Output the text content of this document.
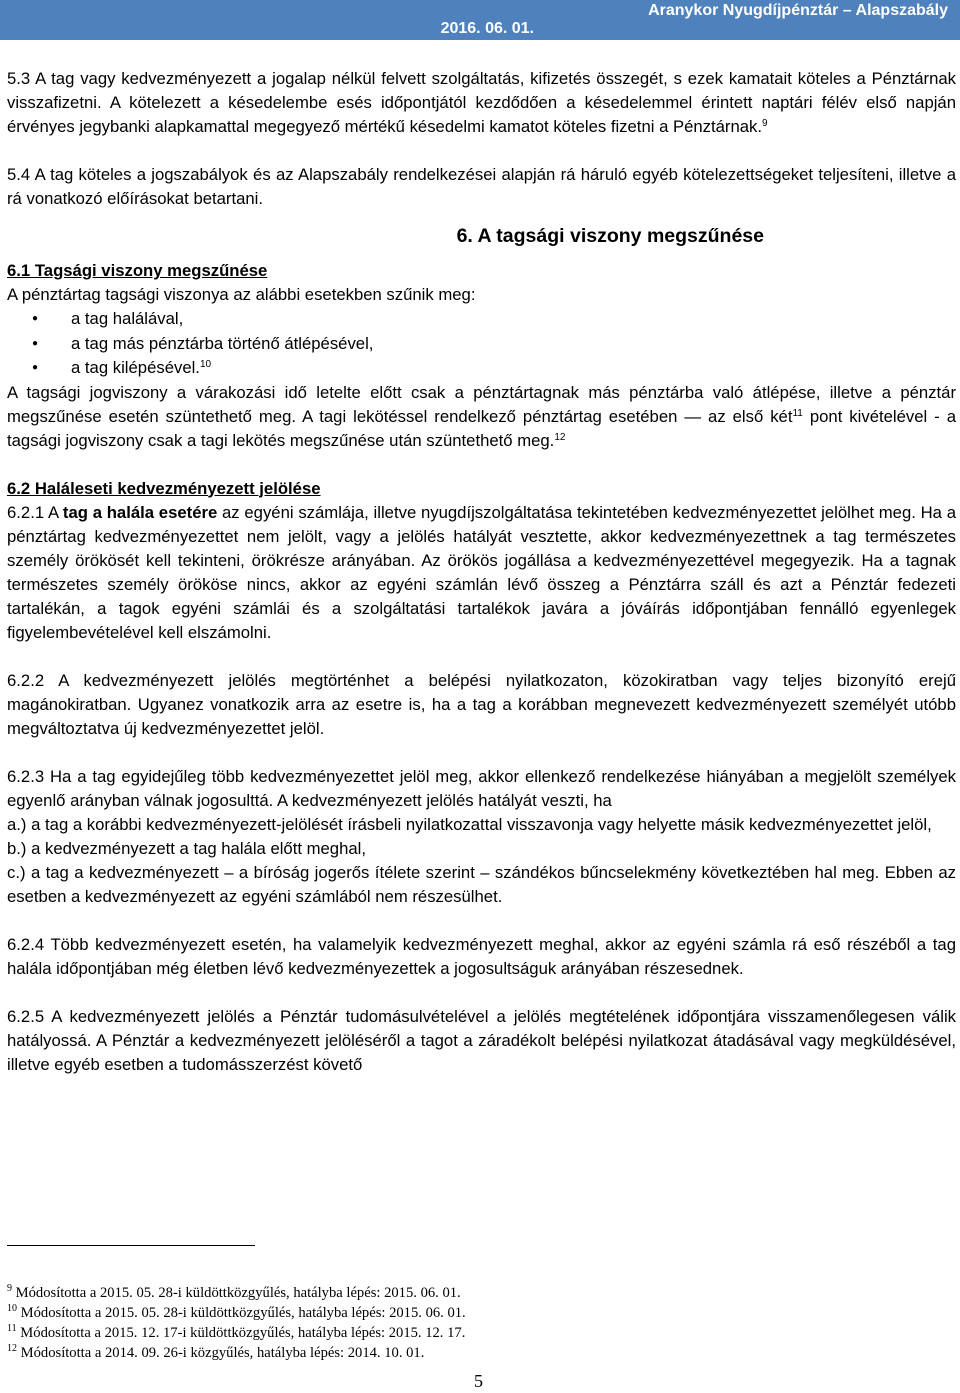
Aranykor Nyugdíjpénztár – Alapszabály
2016. 06. 01.

5.3 A tag vagy kedvezményezett a jogalap nélkül felvett szolgáltatás, kifizetés összegét, s ezek kamatait köteles a Pénztárnak visszafizetni. A kötelezett a késedelembe esés időpontjától kezdődően a késedelemmel érintett naptári félév első napján érvényes jegybanki alapkamattal megegyező mértékű késedelmi kamatot köteles fizetni a Pénztárnak.$^9$

5.4 A tag köteles a jogszabályok és az Alapszabály rendelkezései alapján rá háruló egyéb kötelezettségeket teljesíteni, illetve a rá vonatkozó előírásokat betartani.

6. A tagsági viszony megszűnése
6.1 Tagsági viszony megszűnése

A pénztártag tagsági viszonya az alábbi esetekben szűnik meg:

● a tag halálával,
● a tag más pénztárba történő átlépésével,
● a tag kilépésével.$^{10}$

A tagsági jogviszony a várakozási idő letelte előtt csak a pénztártagnak más pénztárba való átlépése, illetve a pénztár megszűnése esetén szüntethető meg. A tagi lekötéssel rendelkező pénztártag esetében — az első két$^{11}$ pont kivételével - a tagsági jogviszony csak a tagi lekötés megszűnése után szüntethető meg.$^{12}$

6.2 Haláleseti kedvezményezett jelölése

6.2.1 A tag a halála esetére az egyéni számlája, illetve nyugdíjszolgáltatása tekintetében kedvezményezettet jelölhet meg. Ha a pénztártag kedvezményezettet nem jelölt, vagy a jelölés hatályát vesztette, akkor kedvezményezettnek a tag természetes személy örökösét kell tekinteni, örökrésze arányában. Az örökös jogállása a kedvezményezettével megegyezik. Ha a tagnak természetes személy örököse nincs, akkor az egyéni számlán lévő összeg a Pénztárra száll és azt a Pénztár fedezeti tartalékán, a tagok egyéni számlái és a szolgáltatási tartalékok javára a jóváírás időpontjában fennálló egyenlegek figyelembevételével kell elszámolni.

6.2.2 A kedvezményezett jelölés megtörténhet a belépési nyilatkozaton, közokiratban vagy teljes bizonyító erejű magánokiratban. Ugyanez vonatkozik arra az esetre is, ha a tag a korábban megnevezett kedvezményezett személyét utóbb megváltoztatva új kedvezményezettet jelöl.

6.2.3 Ha a tag egyidejűleg több kedvezményezettet jelöl meg, akkor ellenkező rendelkezése hiányában a megjelölt személyek egyenlő arányban válnak jogosulttá. A kedvezményezett jelölés hatályát veszti, ha

a.) a tag a korábbi kedvezményezett-jelölését írásbeli nyilatkozattal visszavonja vagy helyette másik kedvezményezettet jelöl,

b.) a kedvezményezett a tag halála előtt meghal,

c.) a tag a kedvezményezett – a bíróság jogerős ítélete szerint – szándékos bűncselekmény következtében hal meg. Ebben az esetben a kedvezményezett az egyéni számlából nem részesülhet.

6.2.4 Több kedvezményezett esetén, ha valamelyik kedvezményezett meghal, akkor az egyéni számla rá eső részéből a tag halála időpontjában még életben lévő kedvezményezettek a jogosultságuk arányában részesednek.

6.2.5 A kedvezményezett jelölés a Pénztár tudomásulvételével a jelölés megtételének időpontjára visszamenőlegesen válik hatályossá. A Pénztár a kedvezményezett jelöléséről a tagot a záradékolt belépési nyilatkozat átadásával vagy megküldésével, illetve egyéb esetben a tudomásszerzést követő

$^9$ Módosította a 2015. 05. 28-i küldöttközgyűlés, hatályba lépés: 2015. 06. 01.
$^{10}$ Módosította a 2015. 05. 28-i küldöttközgyűlés, hatályba lépés: 2015. 06. 01.
$^{11}$ Módosította a 2015. 12. 17-i küldöttközgyűlés, hatályba lépés: 2015. 12. 17.
$^{12}$ Módosította a 2014. 09. 26-i közgyűlés, hatályba lépés: 2014. 10. 01.
5
